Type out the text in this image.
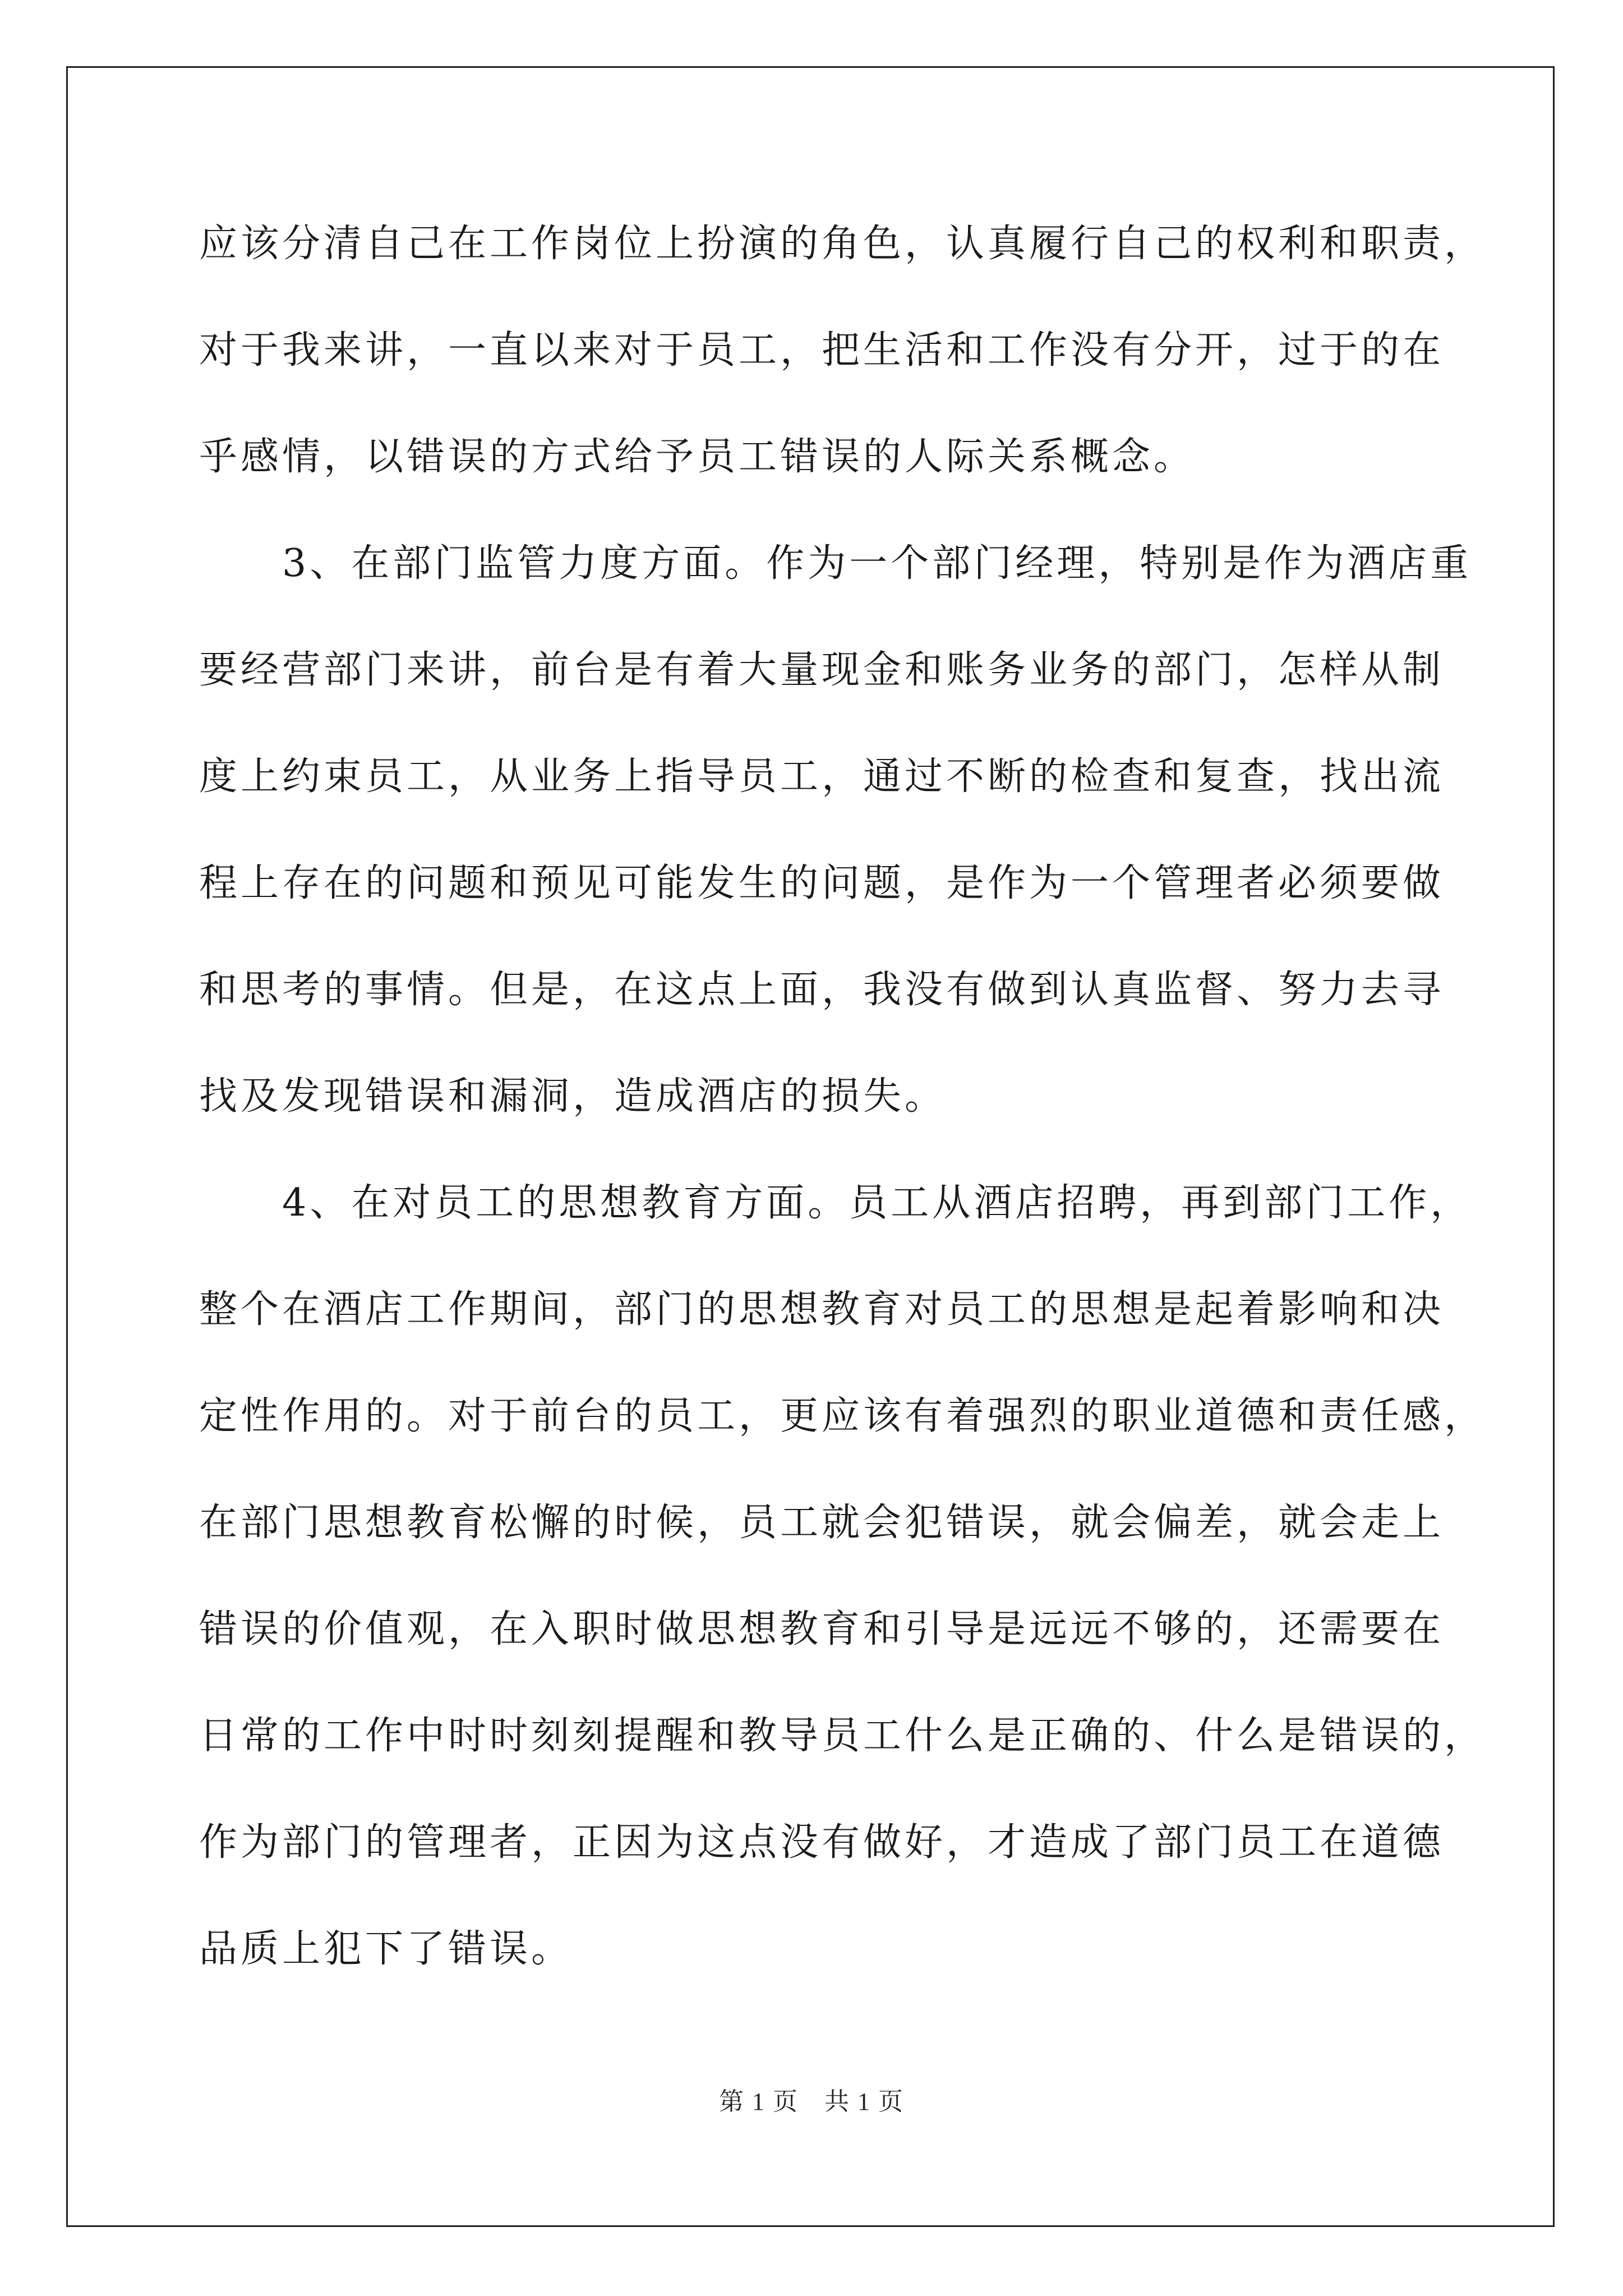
应该分清自己在工作岗位上扮演的角色，认真履行自己的权利和职责，
对于我来讲，一直以来对于员工，把生活和工作没有分开，过于的在
乎感情，以错误的方式给予员工错误的人际关系概念。
　　3、在部门监管力度方面。作为一个部门经理，特别是作为酒店重
要经营部门来讲，前台是有着大量现金和账务业务的部门，怎样从制
度上约束员工，从业务上指导员工，通过不断的检查和复查，找出流
程上存在的问题和预见可能发生的问题，是作为一个管理者必须要做
和思考的事情。但是，在这点上面，我没有做到认真监督、努力去寻
找及发现错误和漏洞，造成酒店的损失。
　　4、在对员工的思想教育方面。员工从酒店招聘，再到部门工作，
整个在酒店工作期间，部门的思想教育对员工的思想是起着影响和决
定性作用的。对于前台的员工，更应该有着强烈的职业道德和责任感，
在部门思想教育松懈的时候，员工就会犯错误，就会偏差，就会走上
错误的价值观，在入职时做思想教育和引导是远远不够的，还需要在
日常的工作中时时刻刻提醒和教导员工什么是正确的、什么是错误的，
作为部门的管理者，正因为这点没有做好，才造成了部门员工在道德
品质上犯下了错误。
第 1 页　共 1 页
